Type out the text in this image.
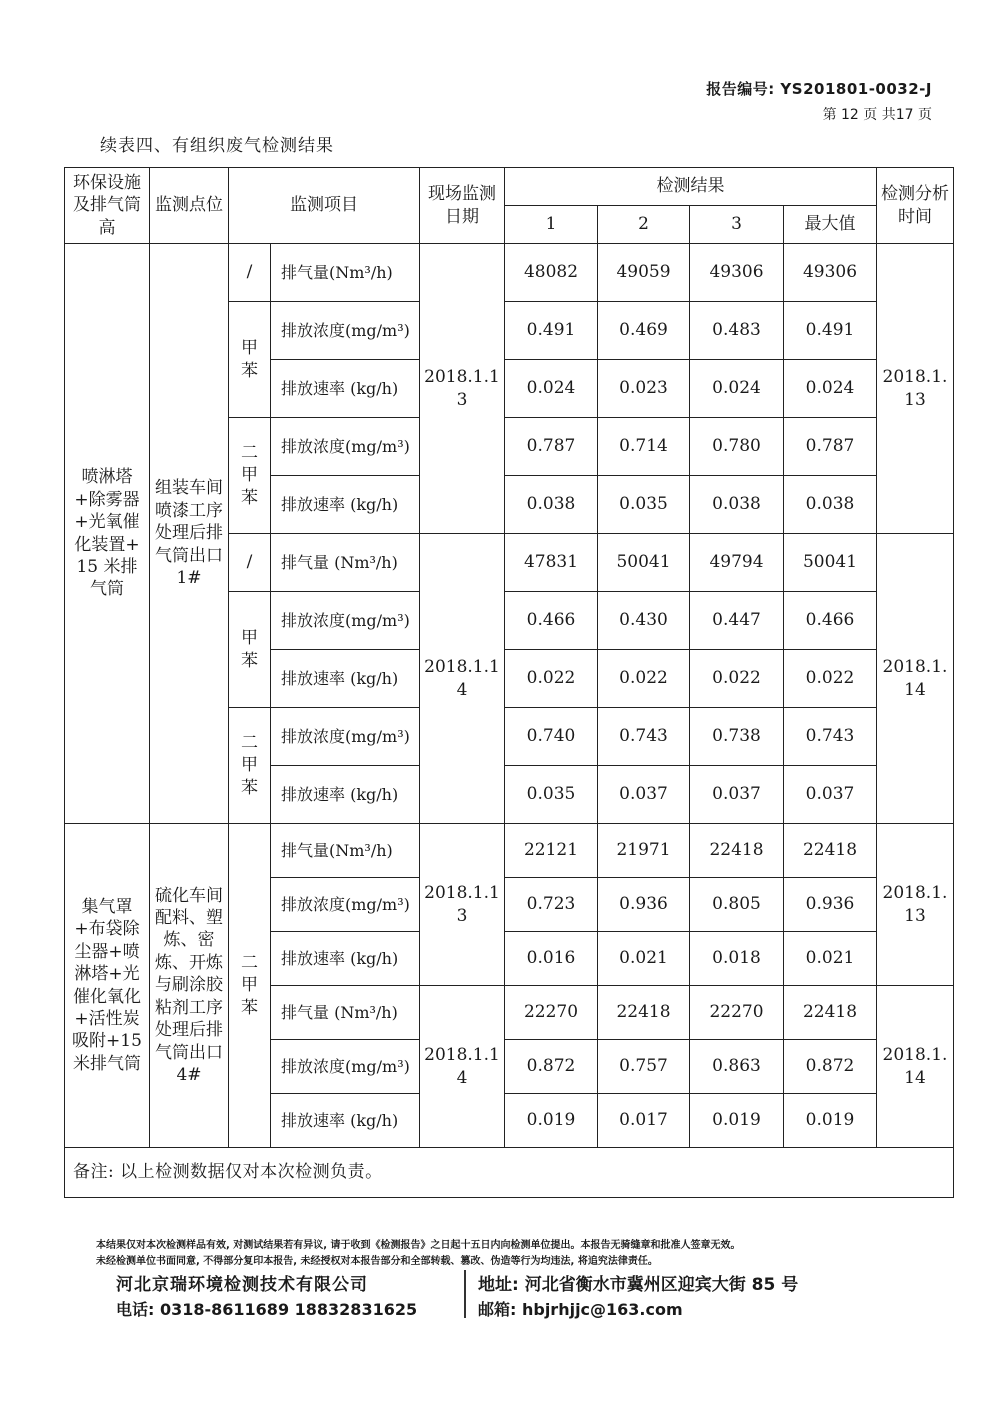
报告编号: YS201801-0032-J
第 12 页 共17 页
续表四、有组织废气检测结果
环保设施及排气筒高	监测点位	监测项目		现场监测日期	检测结果				检测分析时间
					1	2	3	最大值	
喷淋塔+除雾器+光氧催化装置+15 米排气筒	组装车间喷漆工序处理后排气筒出口1#	/	排气量(Nm³/h)	2018.1.13	48082	49059	49306	49306	2018.1.13
		甲苯	排放浓度(mg/m³)		0.491	0.469	0.483	0.491	
			排放速率 (kg/h)		0.024	0.023	0.024	0.024	
		二甲苯	排放浓度(mg/m³)		0.787	0.714	0.780	0.787	
			排放速率 (kg/h)		0.038	0.035	0.038	0.038	
		/	排气量 (Nm³/h)	2018.1.14	47831	50041	49794	50041	2018.1.14
		甲苯	排放浓度(mg/m³)		0.466	0.430	0.447	0.466	
			排放速率 (kg/h)		0.022	0.022	0.022	0.022	
		二甲苯	排放浓度(mg/m³)		0.740	0.743	0.738	0.743	
			排放速率 (kg/h)		0.035	0.037	0.037	0.037	
集气罩+布袋除尘器+喷淋塔+光催化氧化+活性炭吸附+15 米排气筒	硫化车间配料、塑炼、密炼、开炼与刷涂胶粘剂工序处理后排气筒出口4#	二甲苯	排气量(Nm³/h)	2018.1.13	22121	21971	22418	22418	2018.1.13
			排放浓度(mg/m³)		0.723	0.936	0.805	0.936	
			排放速率 (kg/h)		0.016	0.021	0.018	0.021	
			排气量 (Nm³/h)	2018.1.14	22270	22418	22270	22418	2018.1.14
			排放浓度(mg/m³)		0.872	0.757	0.863	0.872	
			排放速率 (kg/h)		0.019	0.017	0.019	0.019	
备注: 以上检测数据仅对本次检测负责。									
本结果仅对本次检测样品有效, 对测试结果若有异议, 请于收到《检测报告》之日起十五日内向检测单位提出。本报告无骑缝章和批准人签章无效。
未经检测单位书面同意, 不得部分复印本报告, 未经授权对本报告部分和全部转载、篡改、伪造等行为均违法, 将追究法律责任。
河北京瑞环境检测技术有限公司
电话: 0318-8611689 18832831625
地址: 河北省衡水市冀州区迎宾大街 85 号
邮箱: hbjrhjjc@163.com
